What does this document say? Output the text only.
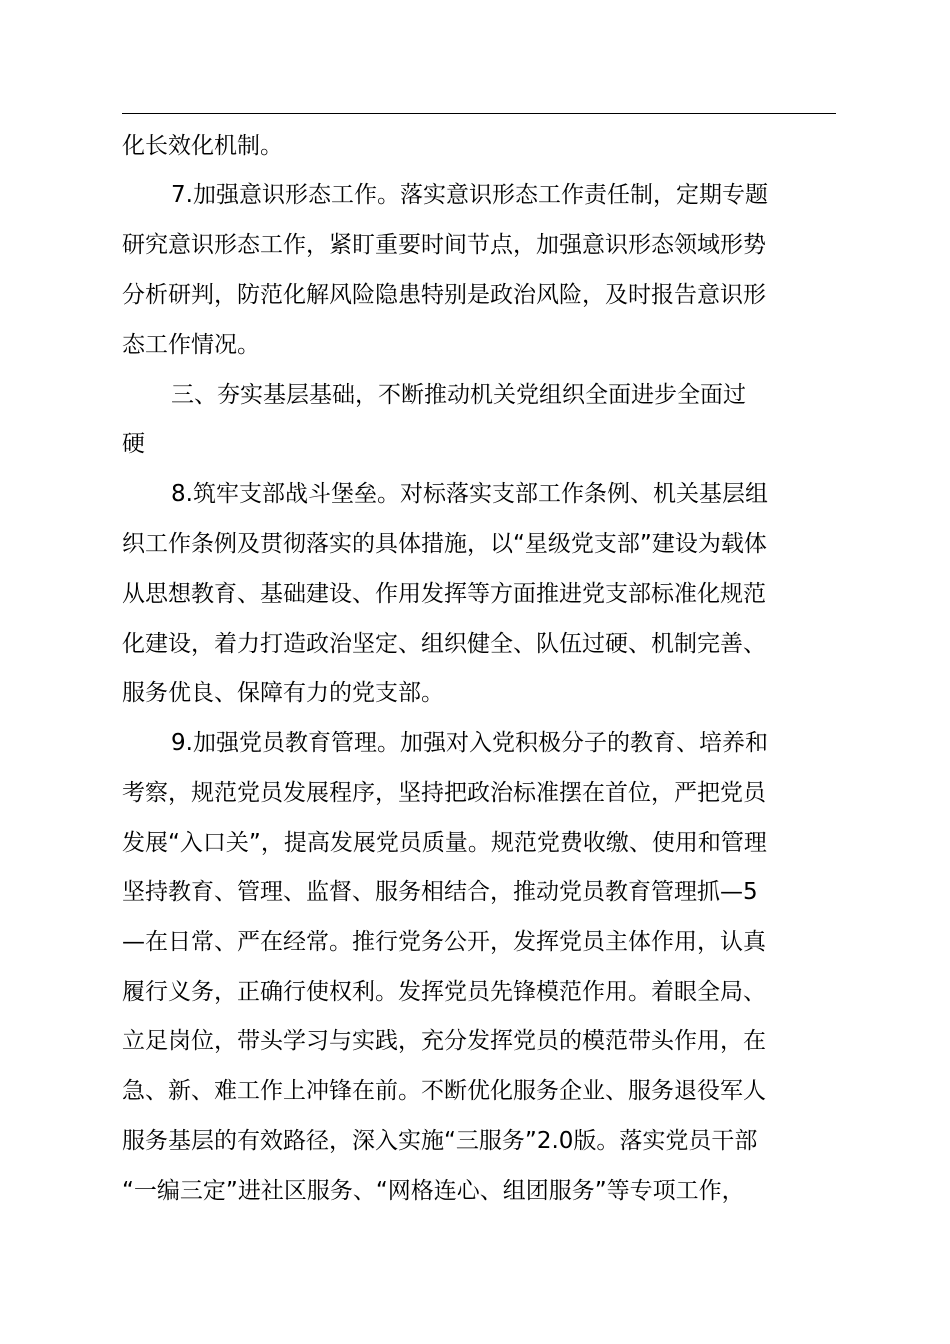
化长效化机制。
7.加强意识形态工作。落实意识形态工作责任制，定期专题
研究意识形态工作，紧盯重要时间节点，加强意识形态领域形势
分析研判，防范化解风险隐患特别是政治风险，及时报告意识形
态工作情况。
三、夯实基层基础，不断推动机关党组织全面进步全面过
硬
8.筑牢支部战斗堡垒。对标落实支部工作条例、机关基层组
织工作条例及贯彻落实的具体措施，以“星级党支部”建设为载体
从思想教育、基础建设、作用发挥等方面推进党支部标准化规范
化建设，着力打造政治坚定、组织健全、队伍过硬、机制完善、
服务优良、保障有力的党支部。
9.加强党员教育管理。加强对入党积极分子的教育、培养和
考察，规范党员发展程序，坚持把政治标准摆在首位，严把党员
发展“入口关”，提高发展党员质量。规范党费收缴、使用和管理
坚持教育、管理、监督、服务相结合，推动党员教育管理抓—5
—在日常、严在经常。推行党务公开，发挥党员主体作用，认真
履行义务，正确行使权利。发挥党员先锋模范作用。着眼全局、
立足岗位，带头学习与实践，充分发挥党员的模范带头作用，在
急、新、难工作上冲锋在前。不断优化服务企业、服务退役军人
服务基层的有效路径，深入实施“三服务”2.0版。落实党员干部
“一编三定”进社区服务、“网格连心、组团服务”等专项工作，
